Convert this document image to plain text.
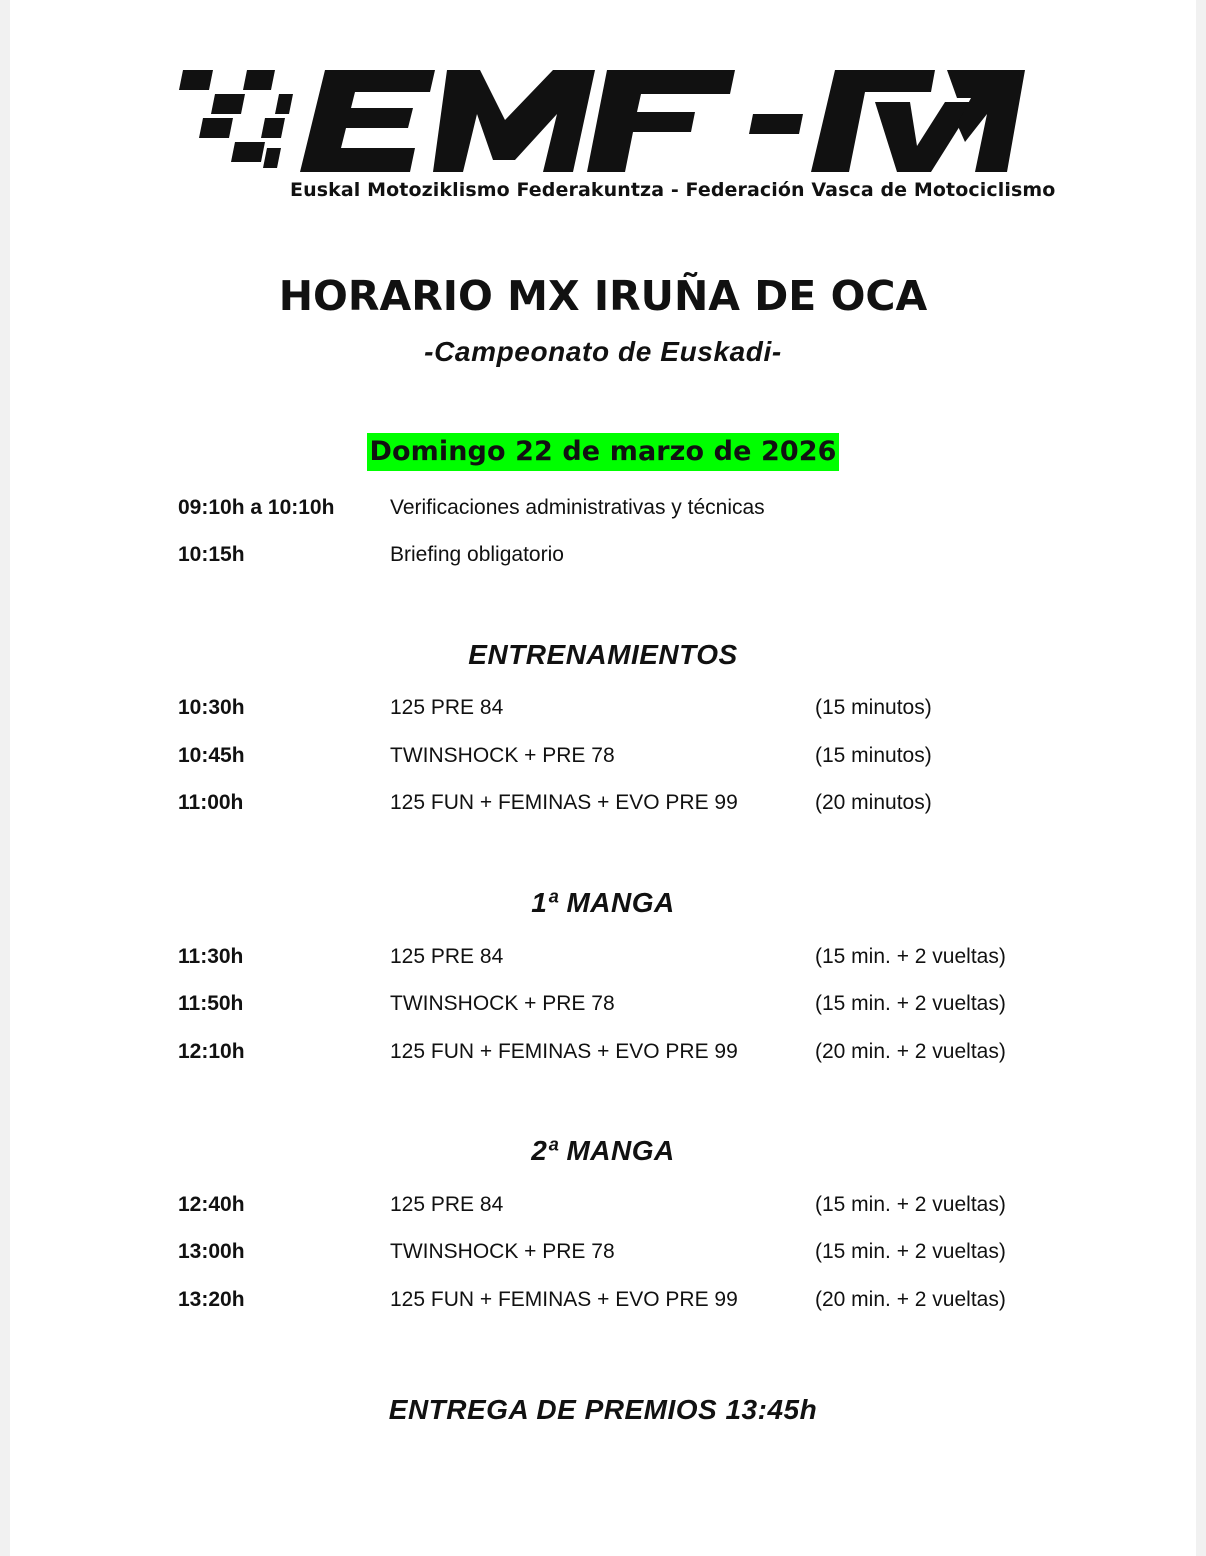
Euskal Motoziklismo Federakuntza - Federación Vasca de Motociclismo
HORARIO MX IRUÑA DE OCA
-Campeonato de Euskadi-
Domingo 22 de marzo de 2026
09:10h a 10:10h	Verificaciones administrativas y técnicas
10:15h	Briefing obligatorio
ENTRENAMIENTOS
10:30h	125 PRE 84	(15 minutos)
10:45h	TWINSHOCK + PRE 78	(15 minutos)
11:00h	125 FUN + FEMINAS + EVO PRE 99	(20 minutos)
1ª MANGA
11:30h	125 PRE 84	(15 min. + 2 vueltas)
11:50h	TWINSHOCK + PRE 78	(15 min. + 2 vueltas)
12:10h	125 FUN + FEMINAS + EVO PRE 99	(20 min. + 2 vueltas)
2ª MANGA
12:40h	125 PRE 84	(15 min. + 2 vueltas)
13:00h	TWINSHOCK + PRE 78	(15 min. + 2 vueltas)
13:20h	125 FUN + FEMINAS + EVO PRE 99	(20 min. + 2 vueltas)
ENTREGA DE PREMIOS 13:45h
